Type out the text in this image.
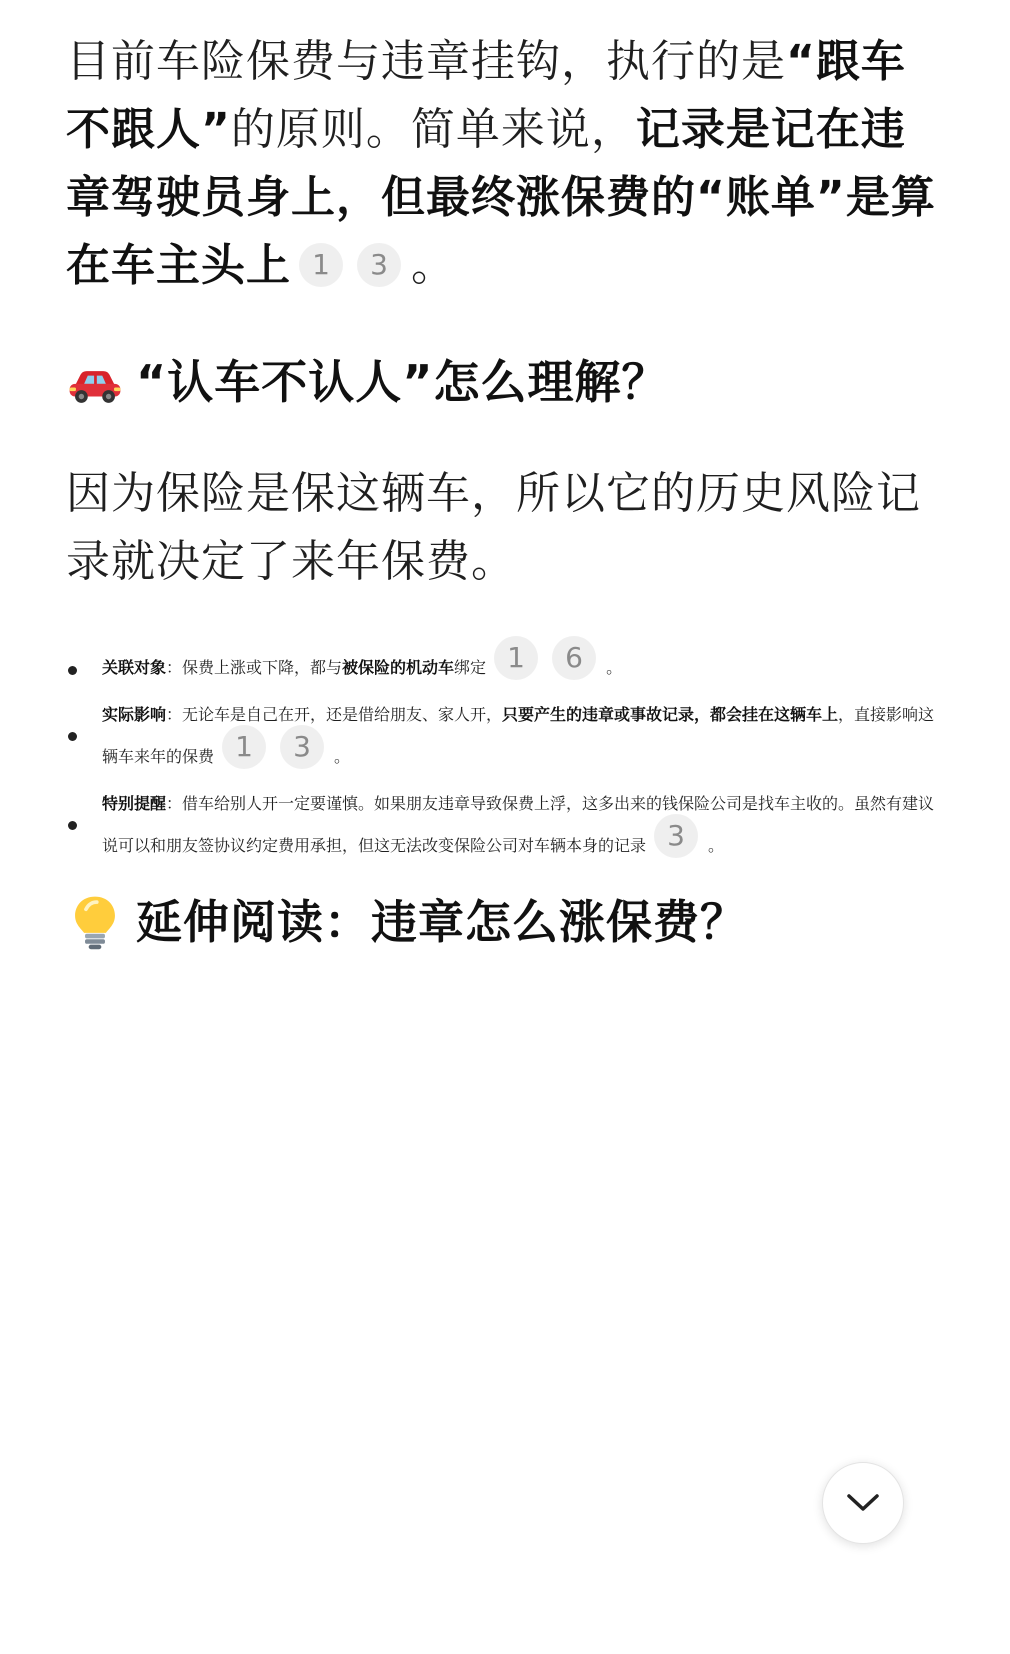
目前车险保费与违章挂钩，执行的是“跟车不跟人”的原则。简单来说，记录是记在违章驾驶员身上，但最终涨保费的“账单”是算在车主头上 1 3 。

“认车不认人”怎么理解？

因为保险是保这辆车，所以它的历史风险记录就决定了来年保费。

关联对象：保费上涨或下降，都与被保险的机动车绑定 1 6 。
实际影响：无论车是自己在开，还是借给朋友、家人开，只要产生的违章或事故记录，都会挂在这辆车上，直接影响这辆车来年的保费 1 3 。
特别提醒：借车给别人开一定要谨慎。如果朋友违章导致保费上浮，这多出来的钱保险公司是找车主收的。虽然有建议说可以和朋友签协议约定费用承担，但这无法改变保险公司对车辆本身的记录 3 。
延伸阅读：违章怎么涨保费？
